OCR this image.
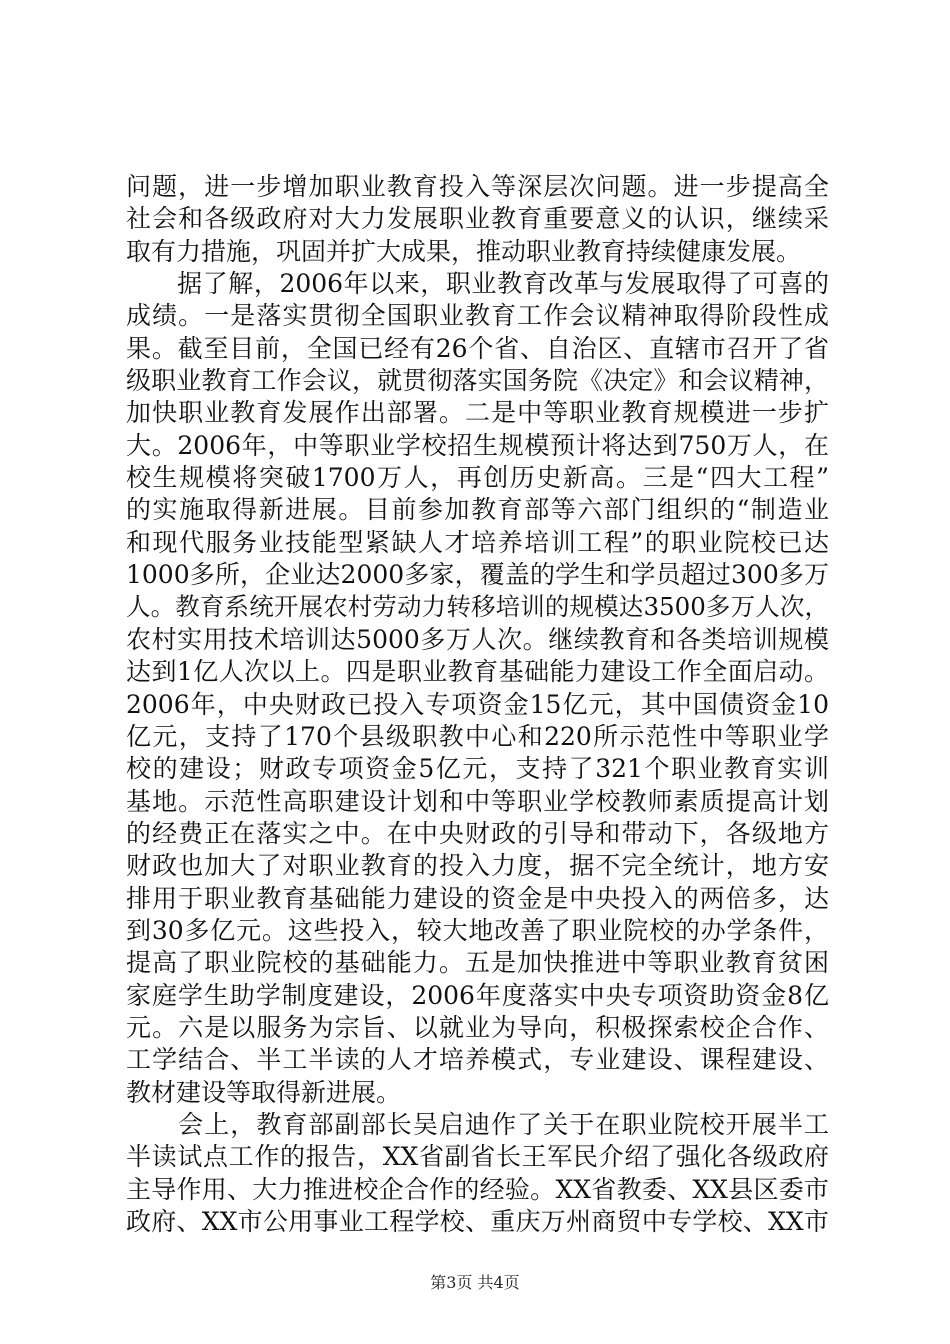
问题，进一步增加职业教育投入等深层次问题。进一步提高全
社会和各级政府对大力发展职业教育重要意义的认识，继续采
取有力措施，巩固并扩大成果，推动职业教育持续健康发展。
　　据了解，2006年以来，职业教育改革与发展取得了可喜的
成绩。一是落实贯彻全国职业教育工作会议精神取得阶段性成
果。截至目前，全国已经有26个省、自治区、直辖市召开了省
级职业教育工作会议，就贯彻落实国务院《决定》和会议精神，
加快职业教育发展作出部署。二是中等职业教育规模进一步扩
大。2006年，中等职业学校招生规模预计将达到750万人，在
校生规模将突破1700万人，再创历史新高。三是“四大工程”
的实施取得新进展。目前参加教育部等六部门组织的“制造业
和现代服务业技能型紧缺人才培养培训工程”的职业院校已达
1000多所，企业达2000多家，覆盖的学生和学员超过300多万
人。教育系统开展农村劳动力转移培训的规模达3500多万人次，
农村实用技术培训达5000多万人次。继续教育和各类培训规模
达到1亿人次以上。四是职业教育基础能力建设工作全面启动。
2006年，中央财政已投入专项资金15亿元，其中国债资金10
亿元，支持了170个县级职教中心和220所示范性中等职业学
校的建设；财政专项资金5亿元，支持了321个职业教育实训
基地。示范性高职建设计划和中等职业学校教师素质提高计划
的经费正在落实之中。在中央财政的引导和带动下，各级地方
财政也加大了对职业教育的投入力度，据不完全统计，地方安
排用于职业教育基础能力建设的资金是中央投入的两倍多，达
到30多亿元。这些投入，较大地改善了职业院校的办学条件，
提高了职业院校的基础能力。五是加快推进中等职业教育贫困
家庭学生助学制度建设，2006年度落实中央专项资助资金8亿
元。六是以服务为宗旨、以就业为导向，积极探索校企合作、
工学结合、半工半读的人才培养模式，专业建设、课程建设、
教材建设等取得新进展。
　　会上，教育部副部长吴启迪作了关于在职业院校开展半工
半读试点工作的报告，XX省副省长王军民介绍了强化各级政府
主导作用、大力推进校企合作的经验。XX省教委、XX县区委市
政府、XX市公用事业工程学校、重庆万州商贸中专学校、XX市
第3页 共4页
